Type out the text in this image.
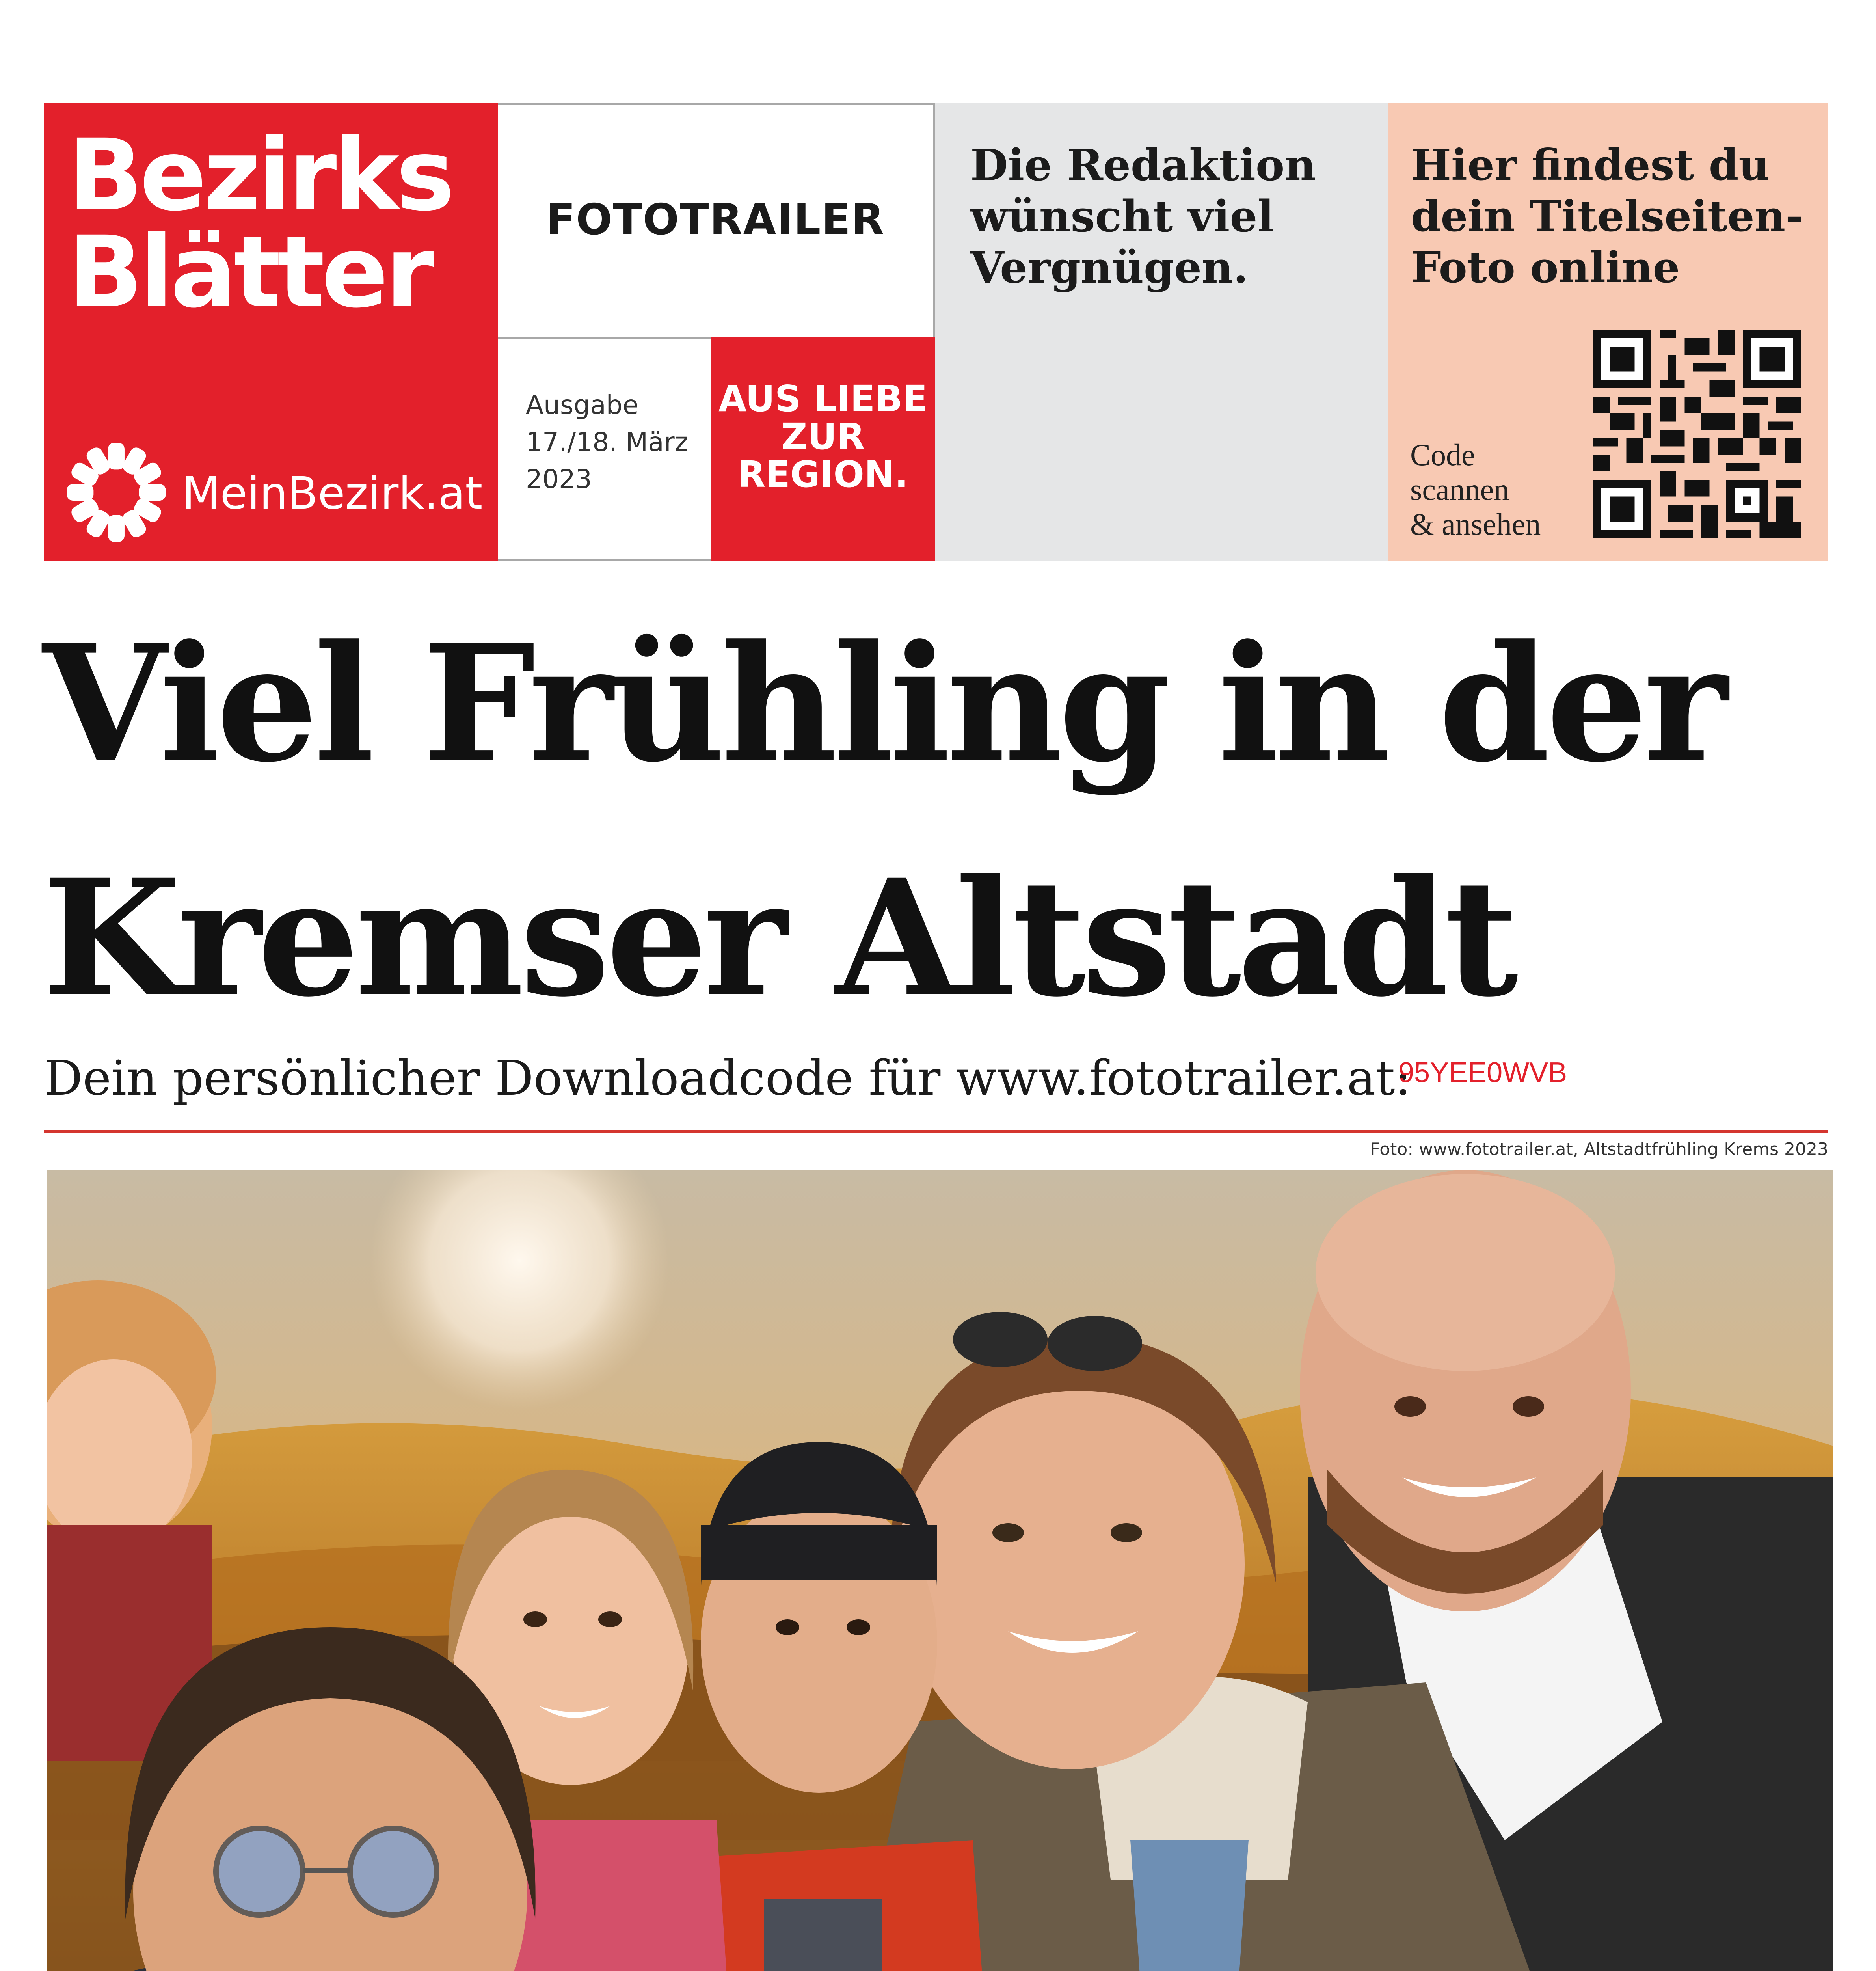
Bezirks
Blätter
MeinBezirk.at
FOTOTRAILER
Ausgabe
17./18. März
2023
AUS LIEBE
ZUR
REGION.
Die Redaktion
wünscht viel
Vergnügen.
Hier findest du
dein Titelseiten-
Foto online
Code
scannen
& ansehen
Viel Frühling in der
Kremser Altstadt
Dein persönlicher Downloadcode für www.fototrailer.at:
95YEE0WVB
Foto: www.fototrailer.at, Altstadtfrühling Krems 2023
